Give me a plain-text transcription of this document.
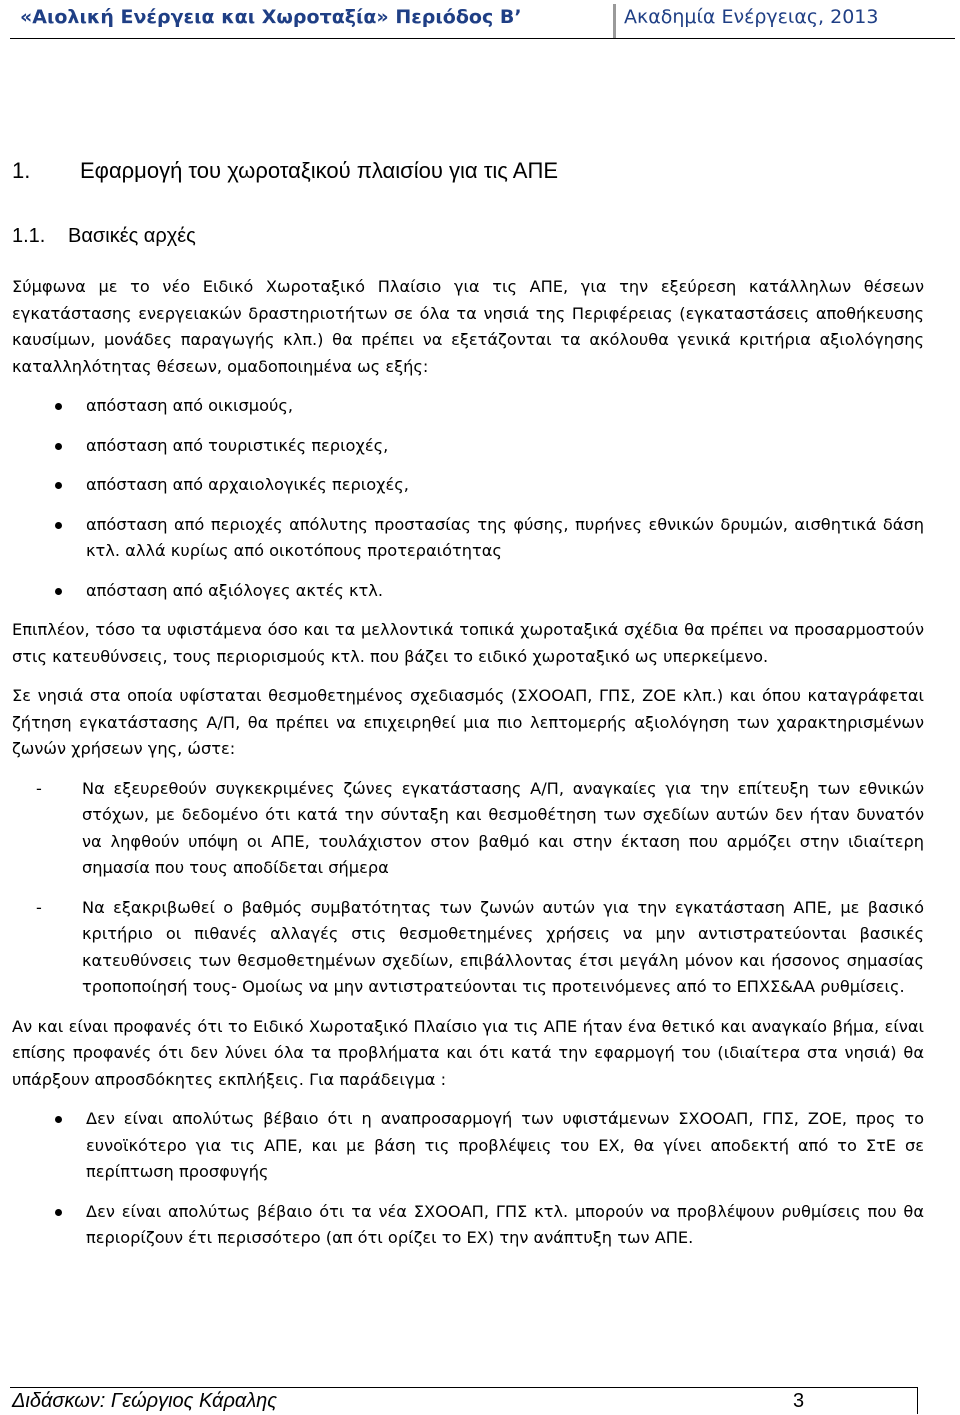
«Αιολική Ενέργεια και Χωροταξία» Περιόδος Β’	Ακαδημία Ενέργειας, 2013
1. Εφαρμογή του χωροταξικού πλαισίου για τις ΑΠΕ
1.1. Βασικές αρχές

Σύμφωνα με το νέο Ειδικό Χωροταξικό Πλαίσιο για τις ΑΠΕ, για την εξεύρεση κατάλληλων θέσεων εγκατάστασης ενεργειακών δραστηριοτήτων σε όλα τα νησιά της Περιφέρειας (εγκαταστάσεις αποθήκευσης καυσίμων, μονάδες παραγωγής κλπ.) θα πρέπει να εξετάζονται τα ακόλουθα γενικά κριτήρια αξιολόγησης καταλληλότητας θέσεων, ομαδοποιημένα ως εξής:

απόσταση από οικισμούς,
απόσταση από τουριστικές περιοχές,
απόσταση από αρχαιολογικές περιοχές,
απόσταση από περιοχές απόλυτης προστασίας της φύσης, πυρήνες εθνικών δρυμών, αισθητικά δάση κτλ. αλλά κυρίως από οικοτόπους προτεραιότητας
απόσταση από αξιόλογες ακτές κτλ.

Επιπλέον, τόσο τα υφιστάμενα όσο και τα μελλοντικά τοπικά χωροταξικά σχέδια θα πρέπει να προσαρμοστούν στις κατευθύνσεις, τους περιορισμούς κτλ. που βάζει το ειδικό χωροταξικό ως υπερκείμενο.

Σε νησιά στα οποία υφίσταται θεσμοθετημένος σχεδιασμός (ΣΧΟΟΑΠ, ΓΠΣ, ΖΟΕ κλπ.) και όπου καταγράφεται ζήτηση εγκατάστασης Α/Π, θα πρέπει να επιχειρηθεί μια πιο λεπτομερής αξιολόγηση των χαρακτηρισμένων ζωνών χρήσεων γης, ώστε:

- Να εξευρεθούν συγκεκριμένες ζώνες εγκατάστασης Α/Π, αναγκαίες για την επίτευξη των εθνικών στόχων, με δεδομένο ότι κατά την σύνταξη και θεσμοθέτηση των σχεδίων αυτών δεν ήταν δυνατόν να ληφθούν υπόψη οι ΑΠΕ, τουλάχιστον στον βαθμό και στην έκταση που αρμόζει στην ιδιαίτερη σημασία που τους αποδίδεται σήμερα
- Να εξακριβωθεί ο βαθμός συμβατότητας των ζωνών αυτών για την εγκατάσταση ΑΠΕ, με βασικό κριτήριο οι πιθανές αλλαγές στις θεσμοθετημένες χρήσεις να μην αντιστρατεύονται βασικές κατευθύνσεις των θεσμοθετημένων σχεδίων, επιβάλλοντας έτσι μεγάλη μόνον και ήσσονος σημασίας τροποποίησή τους- Ομοίως να μην αντιστρατεύονται τις προτεινόμενες από το ΕΠΧΣ&ΑΑ ρυθμίσεις.

Αν και είναι προφανές ότι το Ειδικό Χωροταξικό Πλαίσιο για τις ΑΠΕ ήταν ένα θετικό και αναγκαίο βήμα, είναι επίσης προφανές ότι δεν λύνει όλα τα προβλήματα και ότι κατά την εφαρμογή του (ιδιαίτερα στα νησιά) θα υπάρξουν απροσδόκητες εκπλήξεις. Για παράδειγμα :

Δεν είναι απολύτως βέβαιο ότι η αναπροσαρμογή των υφιστάμενων ΣΧΟΟΑΠ, ΓΠΣ, ΖΟΕ, προς το ευνοϊκότερο για τις ΑΠΕ, και με βάση τις προβλέψεις του ΕΧ, θα γίνει αποδεκτή από το ΣτΕ σε περίπτωση προσφυγής
Δεν είναι απολύτως βέβαιο ότι τα νέα ΣΧΟΟΑΠ, ΓΠΣ κτλ. μπορούν να προβλέψουν ρυθμίσεις που θα περιορίζουν έτι περισσότερο (απ ότι ορίζει το ΕΧ) την ανάπτυξη των ΑΠΕ.
Διδάσκων: Γεώργιος Κάραλης	3
